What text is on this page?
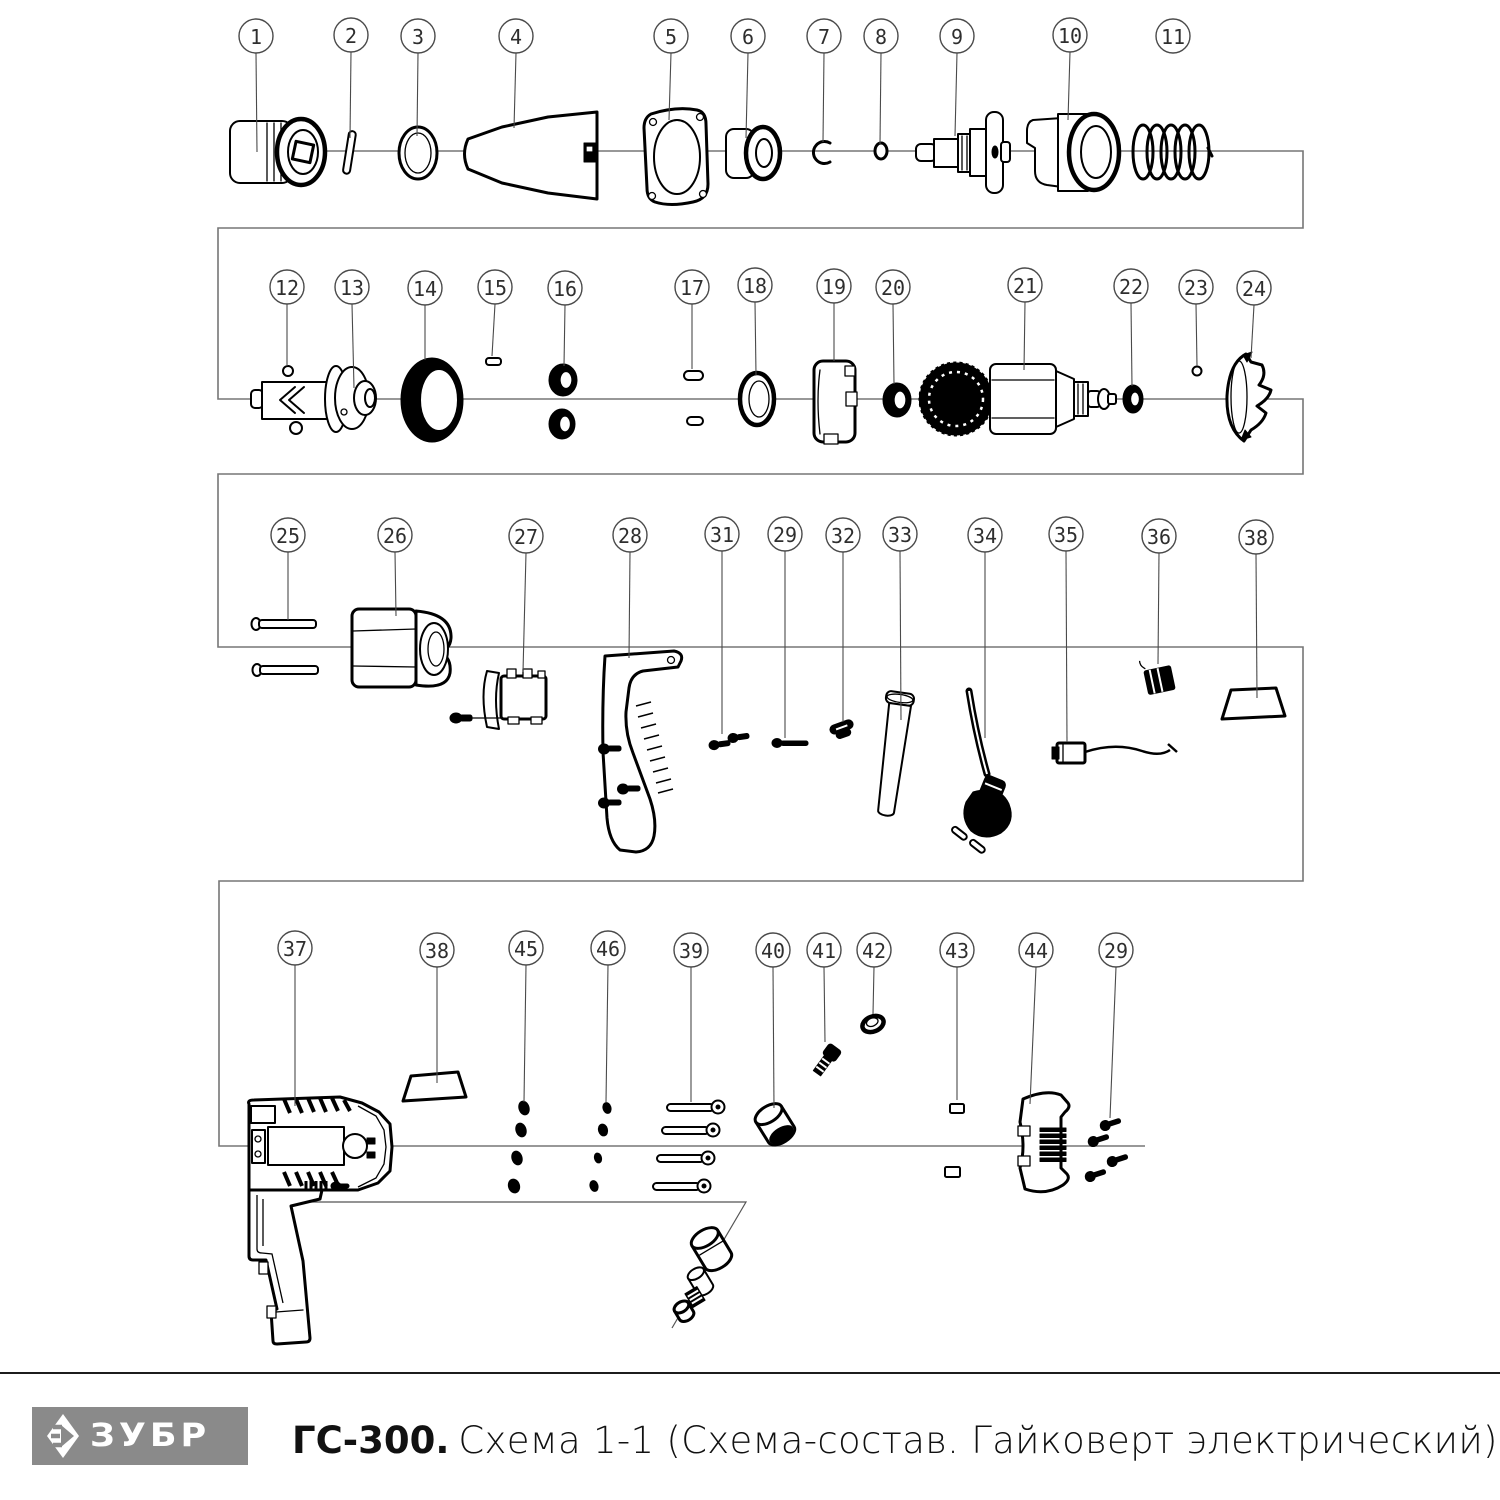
1	2	3	4	5	6	7 8	9	10	11
12 13 14 15 16	17 18	19 20	21	22 23 24
25	26	27	28	31 29 32 33	34	35	36	38
37	38	45	46	39	40 41 42	43	44	29
ЗУБР ГС-300. Схема 1-1 (Схема-состав. Гайковерт электрический)
